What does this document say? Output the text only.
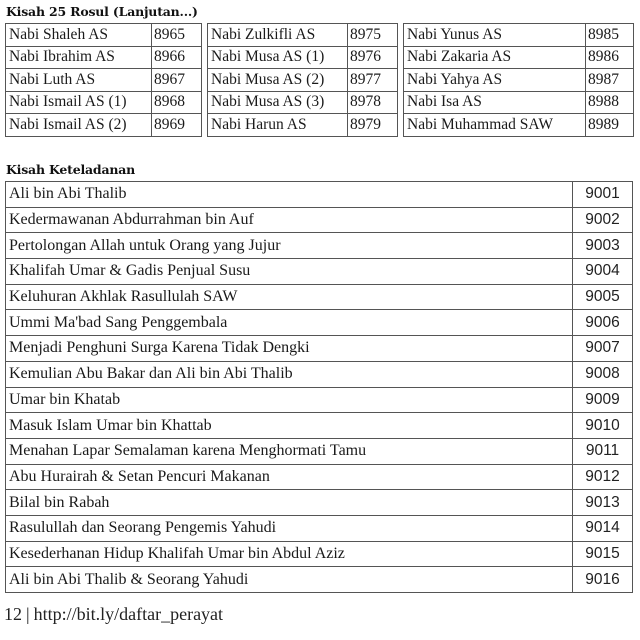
Kisah 25 Rosul (Lanjutan...)
Nabi Shaleh AS	8965
Nabi Ibrahim AS	8966
Nabi Luth AS	8967
Nabi Ismail AS (1)	8968
Nabi Ismail AS (2)	8969
Nabi Zulkifli AS	8975
Nabi Musa AS (1)	8976
Nabi Musa AS (2)	8977
Nabi Musa AS (3)	8978
Nabi Harun AS	8979
Nabi Yunus AS	8985
Nabi Zakaria AS	8986
Nabi Yahya AS	8987
Nabi Isa AS	8988
Nabi Muhammad SAW	8989
Kisah Keteladanan
Ali bin Abi Thalib	9001
Kedermawanan Abdurrahman bin Auf	9002
Pertolongan Allah untuk Orang yang Jujur	9003
Khalifah Umar & Gadis Penjual Susu	9004
Keluhuran Akhlak Rasullulah SAW	9005
Ummi Ma'bad Sang Penggembala	9006
Menjadi Penghuni Surga Karena Tidak Dengki	9007
Kemulian Abu Bakar dan Ali bin Abi Thalib	9008
Umar bin Khatab	9009
Masuk Islam Umar bin Khattab	9010
Menahan Lapar Semalaman karena Menghormati Tamu	9011
Abu Hurairah & Setan Pencuri Makanan	9012
Bilal bin Rabah	9013
Rasulullah dan Seorang Pengemis Yahudi	9014
Kesederhanan Hidup Khalifah Umar bin Abdul Aziz	9015
Ali bin Abi Thalib & Seorang Yahudi	9016
12 | http://bit.ly/daftar_perayat
